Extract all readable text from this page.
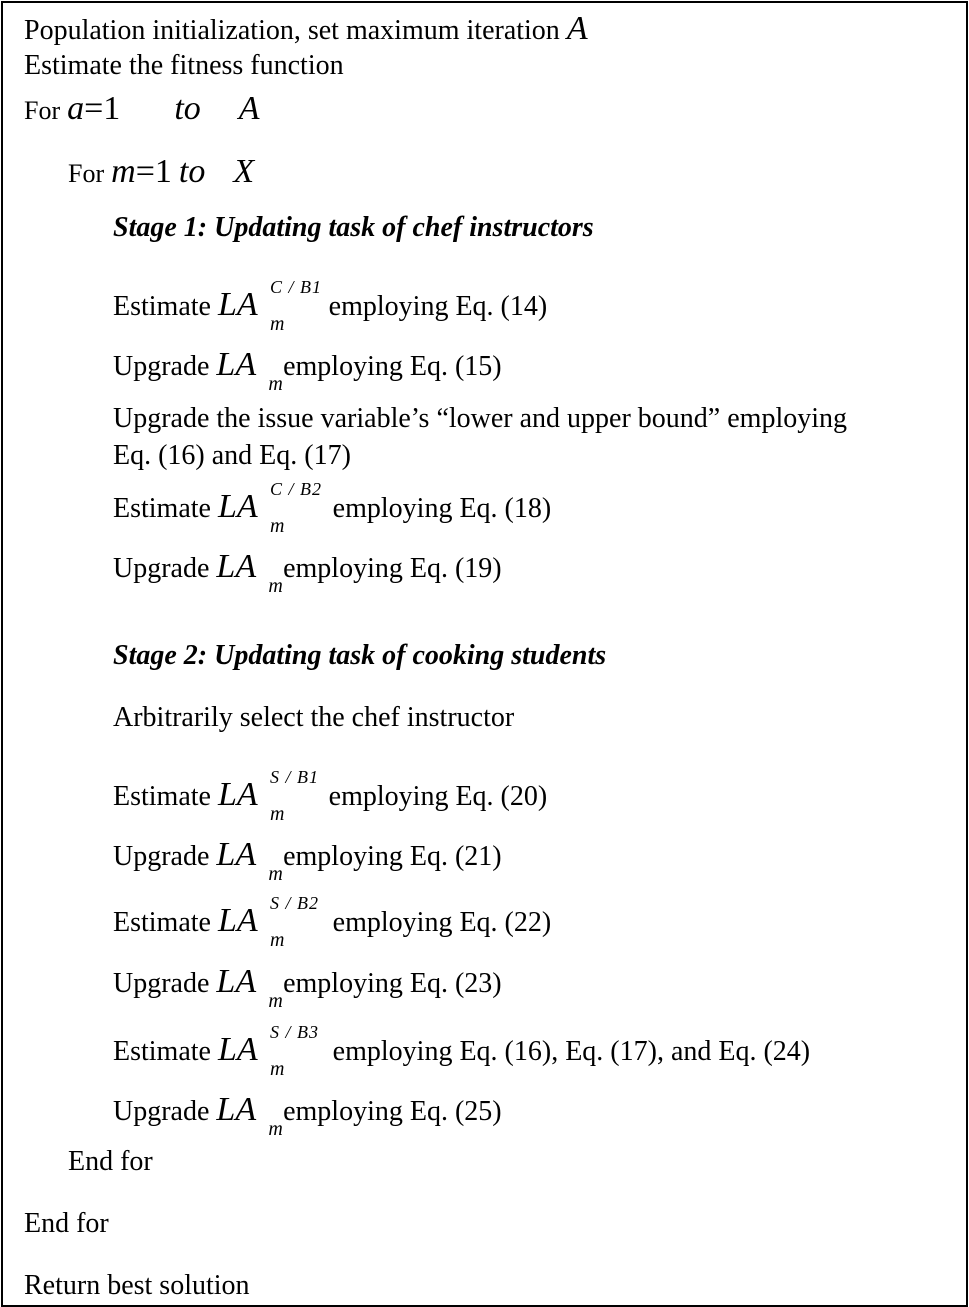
Population initialization, set maximum iteration A
Estimate the fitness function
For a=1 to A
For m=1 to X
Stage 1: Updating task of chef instructors
Estimate LA C / B1
m
employing Eq. (14)
Upgrade LA
m
employing Eq. (15)
Upgrade the issue variable’s “lower and upper bound” employing
Eq. (16) and Eq. (17)
Estimate LA C / B2
m
employing Eq. (18)
Upgrade LA
m
employing Eq. (19)
Stage 2: Updating task of cooking students
Arbitrarily select the chef instructor
Estimate LA S / B1
m
employing Eq. (20)
Upgrade LA
m
employing Eq. (21)
Estimate LA S / B2
m
employing Eq. (22)
Upgrade LA
m
employing Eq. (23)
Estimate LA S / B3
m
employing Eq. (16), Eq. (17), and Eq. (24)
Upgrade LA
m
employing Eq. (25)
End for
End for
Return best solution
